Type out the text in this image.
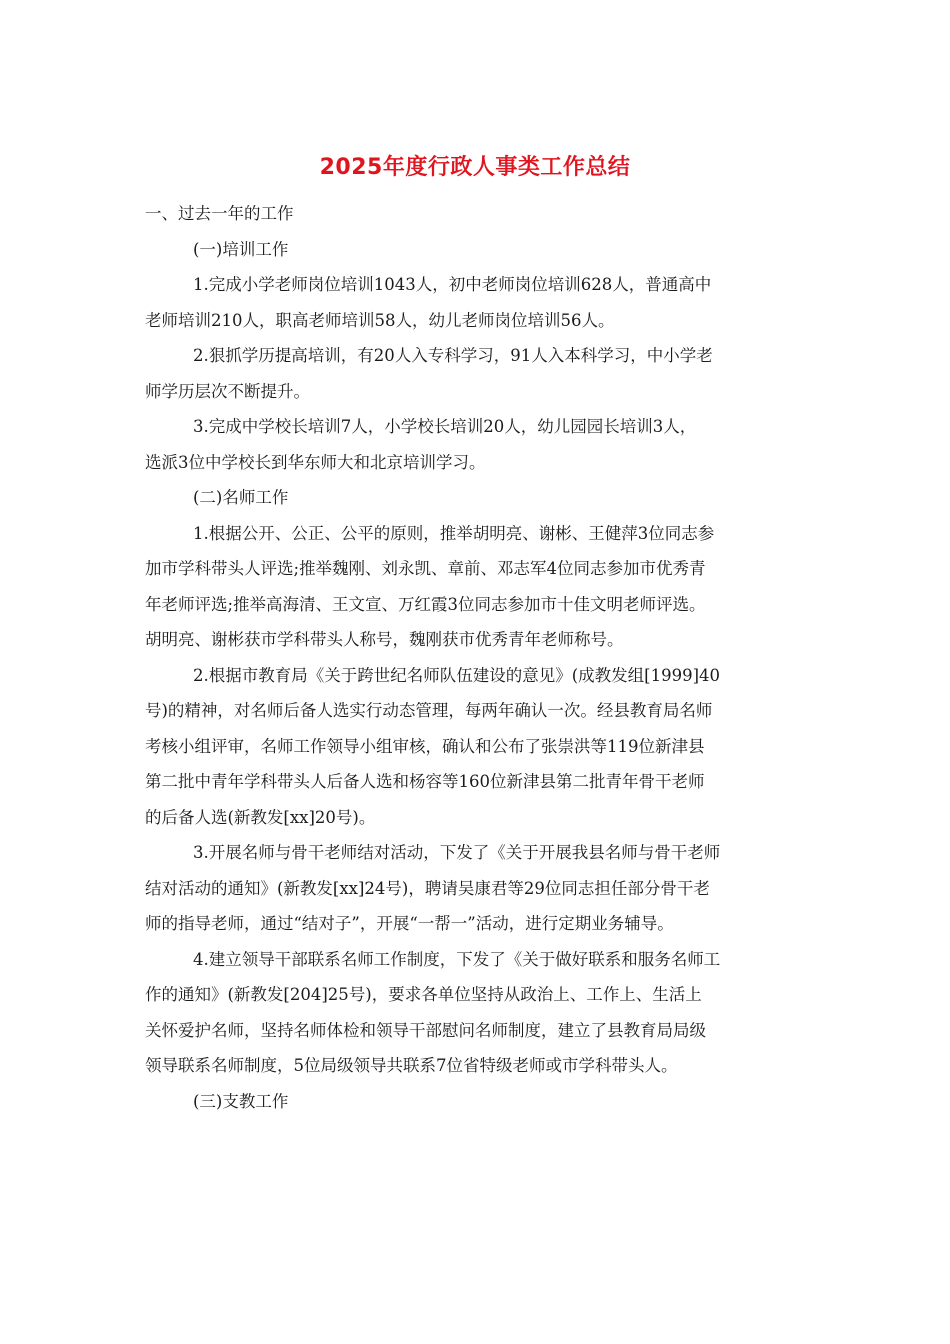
2025年度行政人事类工作总结

一、过去一年的工作

(一)培训工作

1.完成小学老师岗位培训1043人，初中老师岗位培训628人，普通高中

老师培训210人，职高老师培训58人，幼儿老师岗位培训56人。

2.狠抓学历提高培训，有20人入专科学习，91人入本科学习，中小学老

师学历层次不断提升。

3.完成中学校长培训7人，小学校长培训20人，幼儿园园长培训3人，

选派3位中学校长到华东师大和北京培训学习。

(二)名师工作

1.根据公开、公正、公平的原则，推举胡明亮、谢彬、王健萍3位同志参

加市学科带头人评选;推举魏刚、刘永凯、章前、邓志军4位同志参加市优秀青

年老师评选;推举高海清、王文宣、万红霞3位同志参加市十佳文明老师评选。

胡明亮、谢彬获市学科带头人称号，魏刚获市优秀青年老师称号。

2.根据市教育局《关于跨世纪名师队伍建设的意见》(成教发组[1999]40

号)的精神，对名师后备人选实行动态管理，每两年确认一次。经县教育局名师

考核小组评审，名师工作领导小组审核，确认和公布了张崇洪等119位新津县

第二批中青年学科带头人后备人选和杨容等160位新津县第二批青年骨干老师

的后备人选(新教发[xx]20号)。

3.开展名师与骨干老师结对活动，下发了《关于开展我县名师与骨干老师

结对活动的通知》(新教发[xx]24号)，聘请吴康君等29位同志担任部分骨干老

师的指导老师，通过“结对子”，开展“一帮一”活动，进行定期业务辅导。

4.建立领导干部联系名师工作制度，下发了《关于做好联系和服务名师工

作的通知》(新教发[204]25号)，要求各单位坚持从政治上、工作上、生活上

关怀爱护名师，坚持名师体检和领导干部慰问名师制度，建立了县教育局局级

领导联系名师制度，5位局级领导共联系7位省特级老师或市学科带头人。

(三)支教工作
